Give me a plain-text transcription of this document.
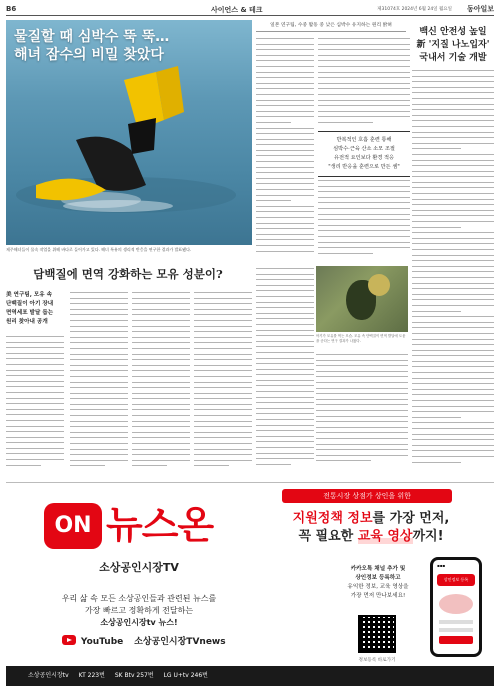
B6	사이언스 & 테크	제31074호 2024년 6월 24일 월요일 동아일보
물질할 때 심박수 뚝 뚝…
해녀 잠수의 비밀 찾았다
제주해녀들이 물속 작업을 위해 바다로 들어가고 있다. 해녀 특유의 생리적 반응을 연구한 결과가 발표됐다.
일본 연구팀, 수중 활동 중 낮은 심박수 유지하는 원리 밝혀
반복적인 호흡 훈련 통해
심박수·근육 산소 소모 조절
유전적 요인보다 환경 적응
"생리 반응을 훈련으로 만든 셈"
백신 안전성 높일
新 '지질 나노입자'
국내서 기술 개발
담백질에 면역 강화하는 모유 성분이?
美 연구팀, 모유 속
단백질이 아기 장내
면역세포 발달 돕는
원리 찾아내 공개
아기가 모유를 먹는 모습. 모유 속 단백질이 면역 발달에 도움을 준다는 연구 결과가 나왔다.
ON 뉴스온
소상공인시장TV
우리 삶 속 모든 소상공인들과 관련된 뉴스를
가장 빠르고 정확하게 전달하는
소상공인시장tv 뉴스!
YouTube 소상공인시장TVnews
전통시장 상점가 상인을 위한
지원정책 정보를 가장 먼저,
꼭 필요한 교육 영상까지!
카카오톡 채널 추가 및
상인정보 등록하고
유익한 정보, 교육 영상을
가장 먼저 만나보세요!
정보등록 바로가기
▪▪▪
상인정보 등록
소상공인시장tv KT 223번 SK Btv 257번 LG U+tv 246번
